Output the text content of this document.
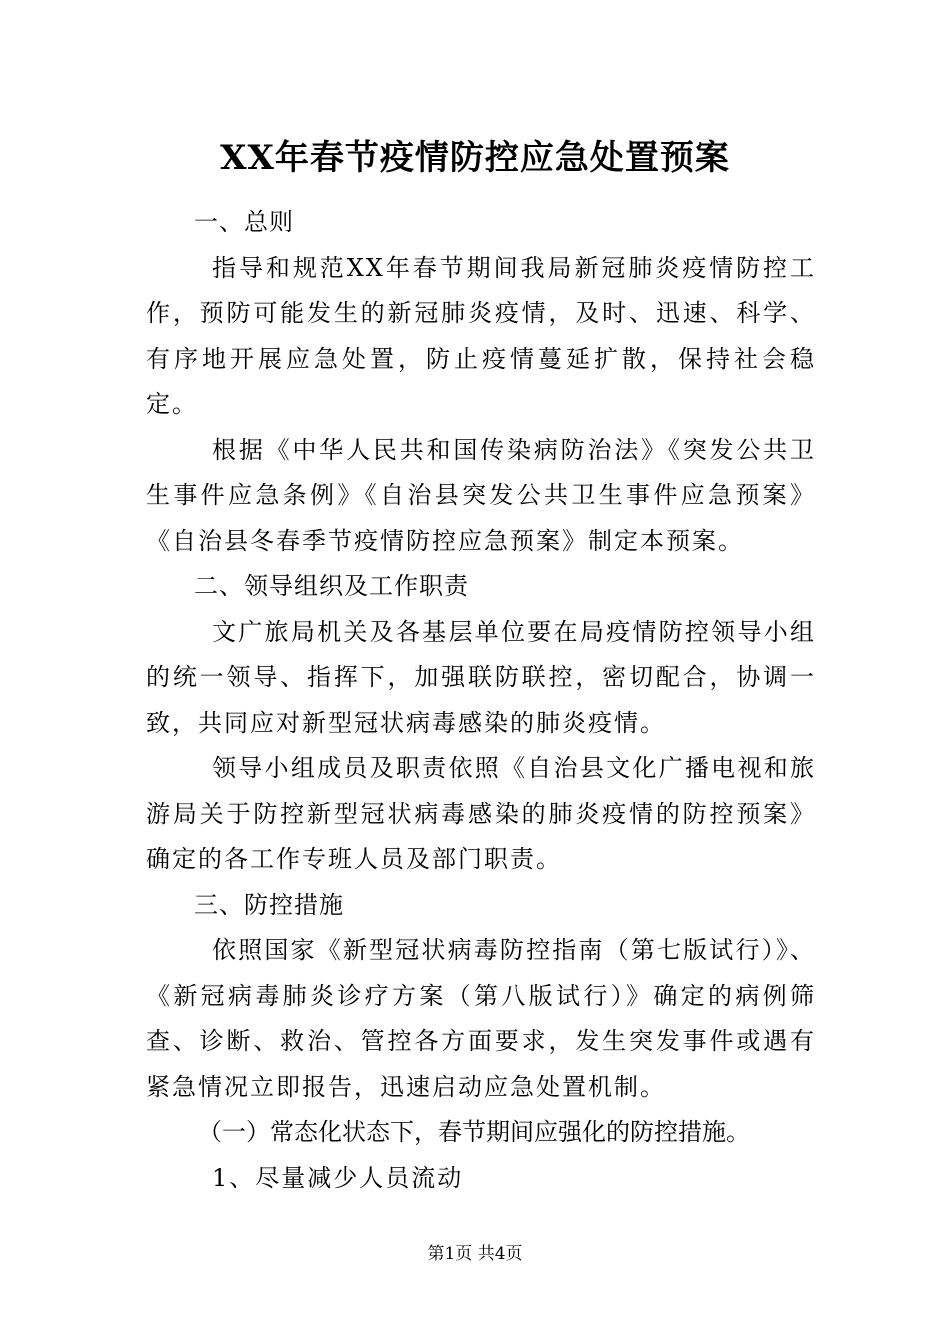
XX年春节疫情防控应急处置预案

一、总则

指导和规范XX年春节期间我局新冠肺炎疫情防控工作，预防可能发生的新冠肺炎疫情，及时、迅速、科学、有序地开展应急处置，防止疫情蔓延扩散，保持社会稳定。

根据《中华人民共和国传染病防治法》《突发公共卫生事件应急条例》《自治县突发公共卫生事件应急预案》《自治县冬春季节疫情防控应急预案》制定本预案。

二、领导组织及工作职责

文广旅局机关及各基层单位要在局疫情防控领导小组的统一领导、指挥下，加强联防联控，密切配合，协调一致，共同应对新型冠状病毒感染的肺炎疫情。

领导小组成员及职责依照《自治县文化广播电视和旅游局关于防控新型冠状病毒感染的肺炎疫情的防控预案》确定的各工作专班人员及部门职责。

三、防控措施

依照国家《新型冠状病毒防控指南（第七版试行）》、《新冠病毒肺炎诊疗方案（第八版试行）》确定的病例筛查、诊断、救治、管控各方面要求，发生突发事件或遇有紧急情况立即报告，迅速启动应急处置机制。

（一）常态化状态下，春节期间应强化的防控措施。

1、尽量减少人员流动

第1页 共4页
